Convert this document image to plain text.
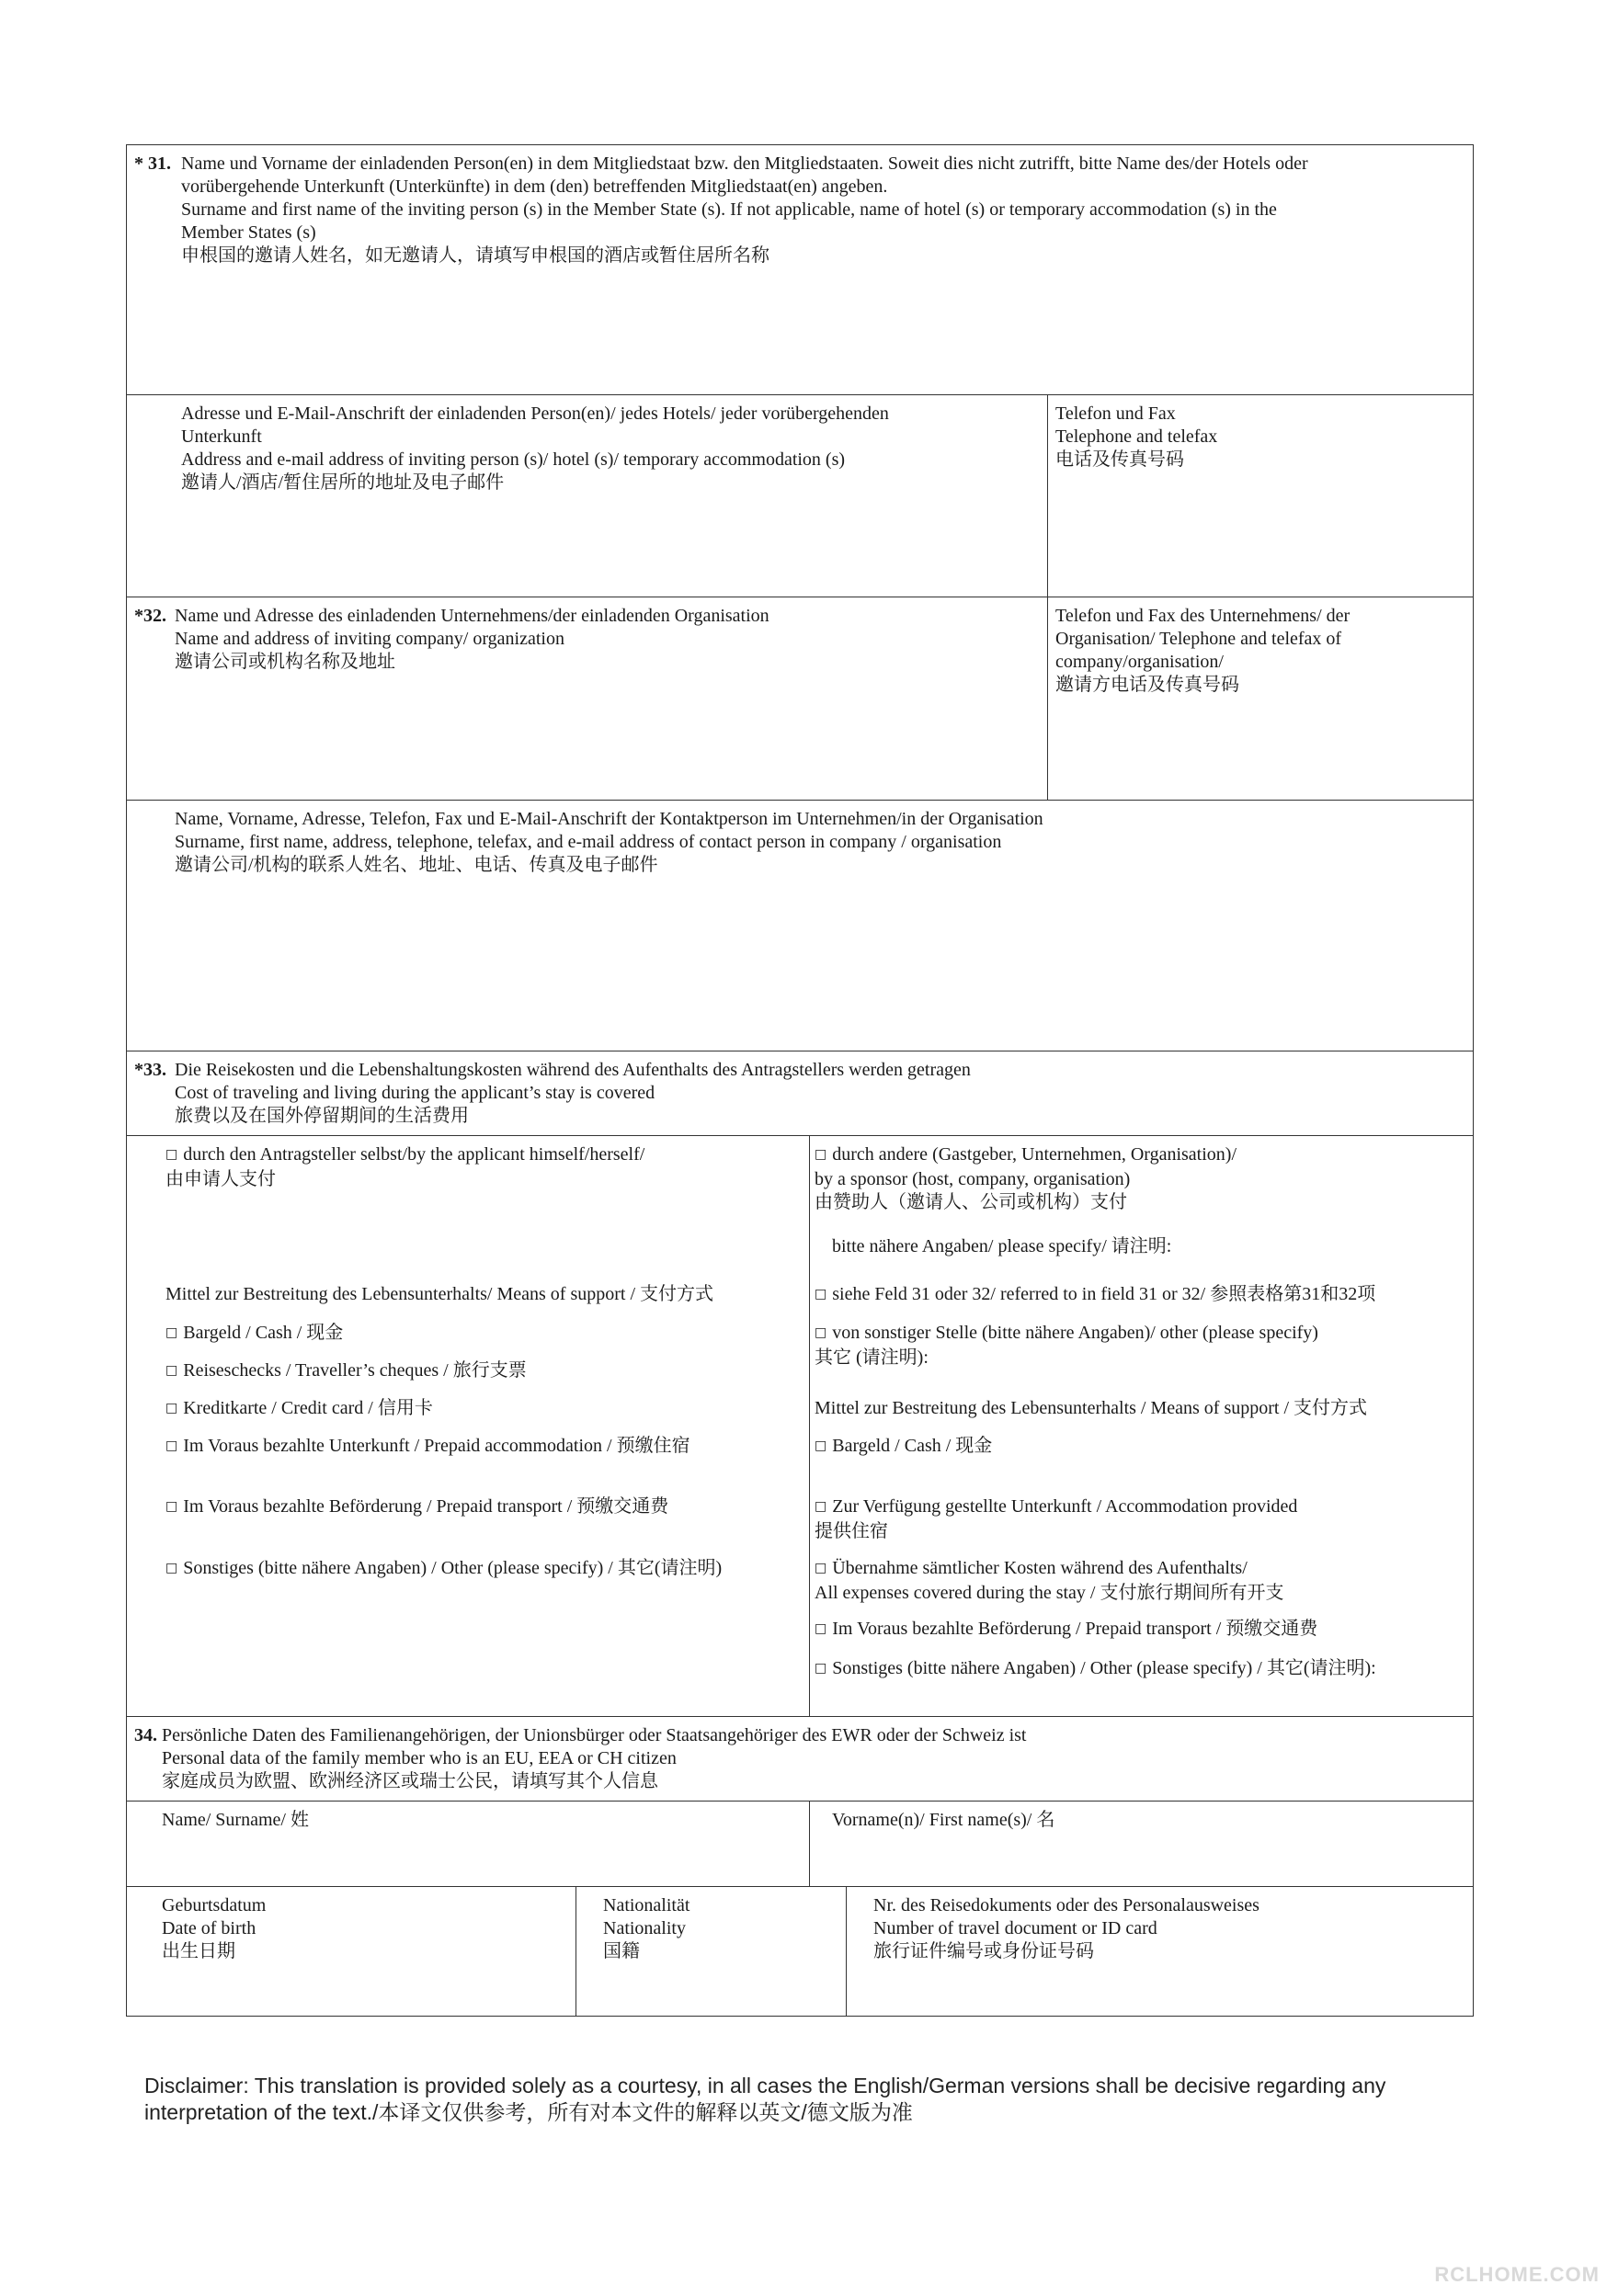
* 31. Name und Vorname der einladenden Person(en) in dem Mitgliedstaat bzw. den Mitgliedstaaten. Soweit dies nicht zutrifft, bitte Name des/der Hotels oder
vorübergehende Unterkunft (Unterkünfte) in dem (den) betreffenden Mitgliedstaat(en) angeben.
Surname and first name of the inviting person (s) in the Member State (s). If not applicable, name of hotel (s) or temporary accommodation (s) in the
Member States (s)
申根国的邀请人姓名，如无邀请人，请填写申根国的酒店或暂住居所名称
Adresse und E-Mail-Anschrift der einladenden Person(en)/ jedes Hotels/ jeder vorübergehenden
Unterkunft
Address and e-mail address of inviting person (s)/ hotel (s)/ temporary accommodation (s)
邀请人/酒店/暂住居所的地址及电子邮件
Telefon und Fax
Telephone and telefax
电话及传真号码
*32. Name und Adresse des einladenden Unternehmens/der einladenden Organisation
Name and address of inviting company/ organization
邀请公司或机构名称及地址
Telefon und Fax des Unternehmens/ der
Organisation/ Telephone and telefax of
company/organisation/
邀请方电话及传真号码
Name, Vorname, Adresse, Telefon, Fax und E-Mail-Anschrift der Kontaktperson im Unternehmen/in der Organisation
Surname, first name, address, telephone, telefax, and e-mail address of contact person in company / organisation
邀请公司/机构的联系人姓名、地址、电话、传真及电子邮件
*33. Die Reisekosten und die Lebenshaltungskosten während des Aufenthalts des Antragstellers werden getragen
Cost of traveling and living during the applicant’s stay is covered
旅费以及在国外停留期间的生活费用
□ durch den Antragsteller selbst/by the applicant himself/herself/
由申请人支付
Mittel zur Bestreitung des Lebensunterhalts/ Means of support / 支付方式
□ Bargeld / Cash / 现金
□ Reiseschecks / Traveller’s cheques / 旅行支票
□ Kreditkarte / Credit card / 信用卡
□ Im Voraus bezahlte Unterkunft / Prepaid accommodation / 预缴住宿
□ Im Voraus bezahlte Beförderung / Prepaid transport / 预缴交通费
□ Sonstiges (bitte nähere Angaben) / Other (please specify) / 其它(请注明)
□ durch andere (Gastgeber, Unternehmen, Organisation)/
by a sponsor (host, company, organisation)
由赞助人（邀请人、公司或机构）支付
bitte nähere Angaben/ please specify/ 请注明:
□ siehe Feld 31 oder 32/ referred to in field 31 or 32/ 参照表格第31和32项
□ von sonstiger Stelle (bitte nähere Angaben)/ other (please specify)
其它 (请注明):
Mittel zur Bestreitung des Lebensunterhalts / Means of support / 支付方式
□ Bargeld / Cash / 现金
□ Zur Verfügung gestellte Unterkunft / Accommodation provided
提供住宿
□ Übernahme sämtlicher Kosten während des Aufenthalts/
All expenses covered during the stay / 支付旅行期间所有开支
□ Im Voraus bezahlte Beförderung / Prepaid transport / 预缴交通费
□ Sonstiges (bitte nähere Angaben) / Other (please specify) / 其它(请注明):
34. Persönliche Daten des Familienangehörigen, der Unionsbürger oder Staatsangehöriger des EWR oder der Schweiz ist
Personal data of the family member who is an EU, EEA or CH citizen
家庭成员为欧盟、欧洲经济区或瑞士公民，请填写其个人信息
Name/ Surname/ 姓	Vorname(n)/ First name(s)/ 名
Geburtsdatum
Date of birth
出生日期
Nationalität
Nationality
国籍
Nr. des Reisedokuments oder des Personalausweises
Number of travel document or ID card
旅行证件编号或身份证号码
Disclaimer: This translation is provided solely as a courtesy, in all cases the English/German versions shall be decisive regarding any
interpretation of the text./本译文仅供参考，所有对本文件的解释以英文/德文版为准
RCLHOME.COM
